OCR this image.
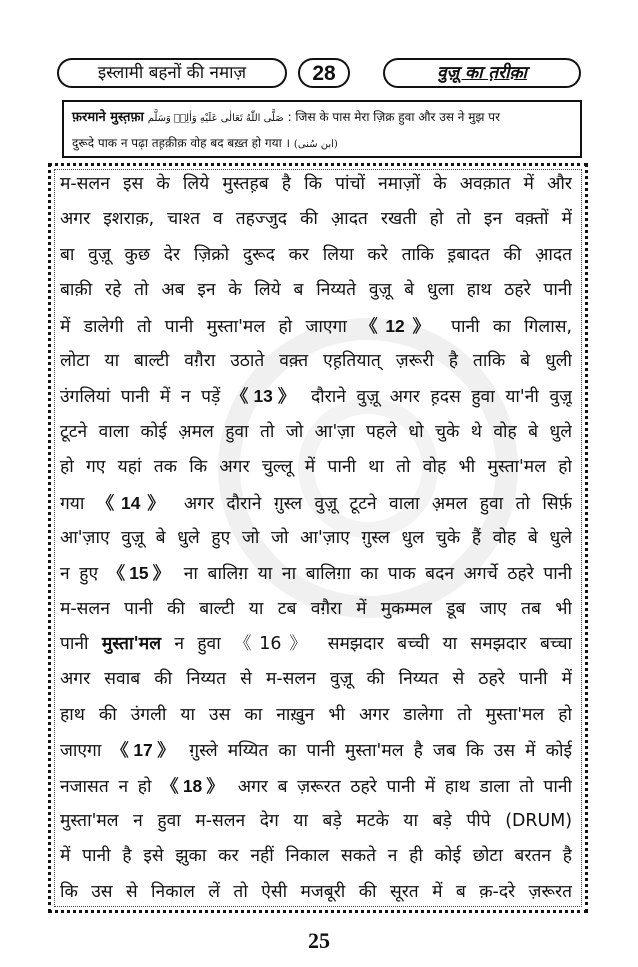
इस्लामी बहनों की नमाज़	28	वुज़ू का त़रीक़ा
फ़रमाने मुस्त़फ़ा صَلَّى اللّٰهُ تَعَالٰی عَلَيْهِ وَاٰلِهٖ وَسَلَّم : जिस के पास मेरा ज़िक्र हुवा और उस ने मुझ पर
दुरूदे पाक न पढ़ा तह़क़ीक़ वोह बद बख़्त हो गया । (ابن سُنی)
म-सलन इस के लिये मुस्तह़ब है कि पांचों नमाज़ों के अवक़ात में और
अगर इशराक़, चाश्त व तहज्जुद की आ़दत रखती हो तो इन वक़्तों में
बा वुज़ू कुछ देर ज़िक्रो दुरूद कर लिया करे ताकि इ़बादत की आ़दत
बाक़ी रहे तो अब इन के लिये ब निय्यते वुज़ू बे धुला हाथ ठहरे पानी
में डालेगी तो पानी मुस्ता'मल हो जाएगा 《12》 पानी का गिलास,
लोटा या बाल्टी वग़ैरा उठाते वक़्त एह़तियात् ज़रूरी है ताकि बे धुली
उंगलियां पानी में न पड़ें 《13》 दौराने वुज़ू अगर ह़दस हुवा या'नी वुज़ू
टूटने वाला कोई अ़मल हुवा तो जो आ'ज़ा पहले धो चुके थे वोह बे धुले
हो गए यहां तक कि अगर चुल्लू में पानी था तो वोह भी मुस्ता'मल हो
गया 《14》 अगर दौराने ग़ुस्ल वुज़ू टूटने वाला अ़मल हुवा तो सिर्फ़
आ'ज़ाए वुज़ू बे धुले हुए जो जो आ'ज़ाए ग़ुस्ल धुल चुके हैं वोह बे धुले
न हुए 《15》 ना बालिग़ या ना बालिग़ा का पाक बदन अगर्चे ठहरे पानी
म-सलन पानी की बाल्टी या टब वग़ैरा में मुकम्मल डूब जाए तब भी
पानी मुस्ता'मल न हुवा 《16》 समझदार बच्ची या समझदार बच्चा
अगर सवाब की निय्यत से म-सलन वुज़ू की निय्यत से ठहरे पानी में
हाथ की उंगली या उस का नाख़ुन भी अगर डालेगा तो मुस्ता'मल हो
जाएगा 《17》 ग़ुस्ले मय्यित का पानी मुस्ता'मल है जब कि उस में कोई
नजासत न हो 《18》 अगर ब ज़रूरत ठहरे पानी में हाथ डाला तो पानी
मुस्ता'मल न हुवा म-सलन देग या बड़े मटके या बड़े पीपे (DRUM)
में पानी है इसे झुका कर नहीं निकाल सकते न ही कोई छोटा बरतन है
कि उस से निकाल लें तो ऐसी मजबूरी की सूरत में ब क़-दरे ज़रूरत
25
